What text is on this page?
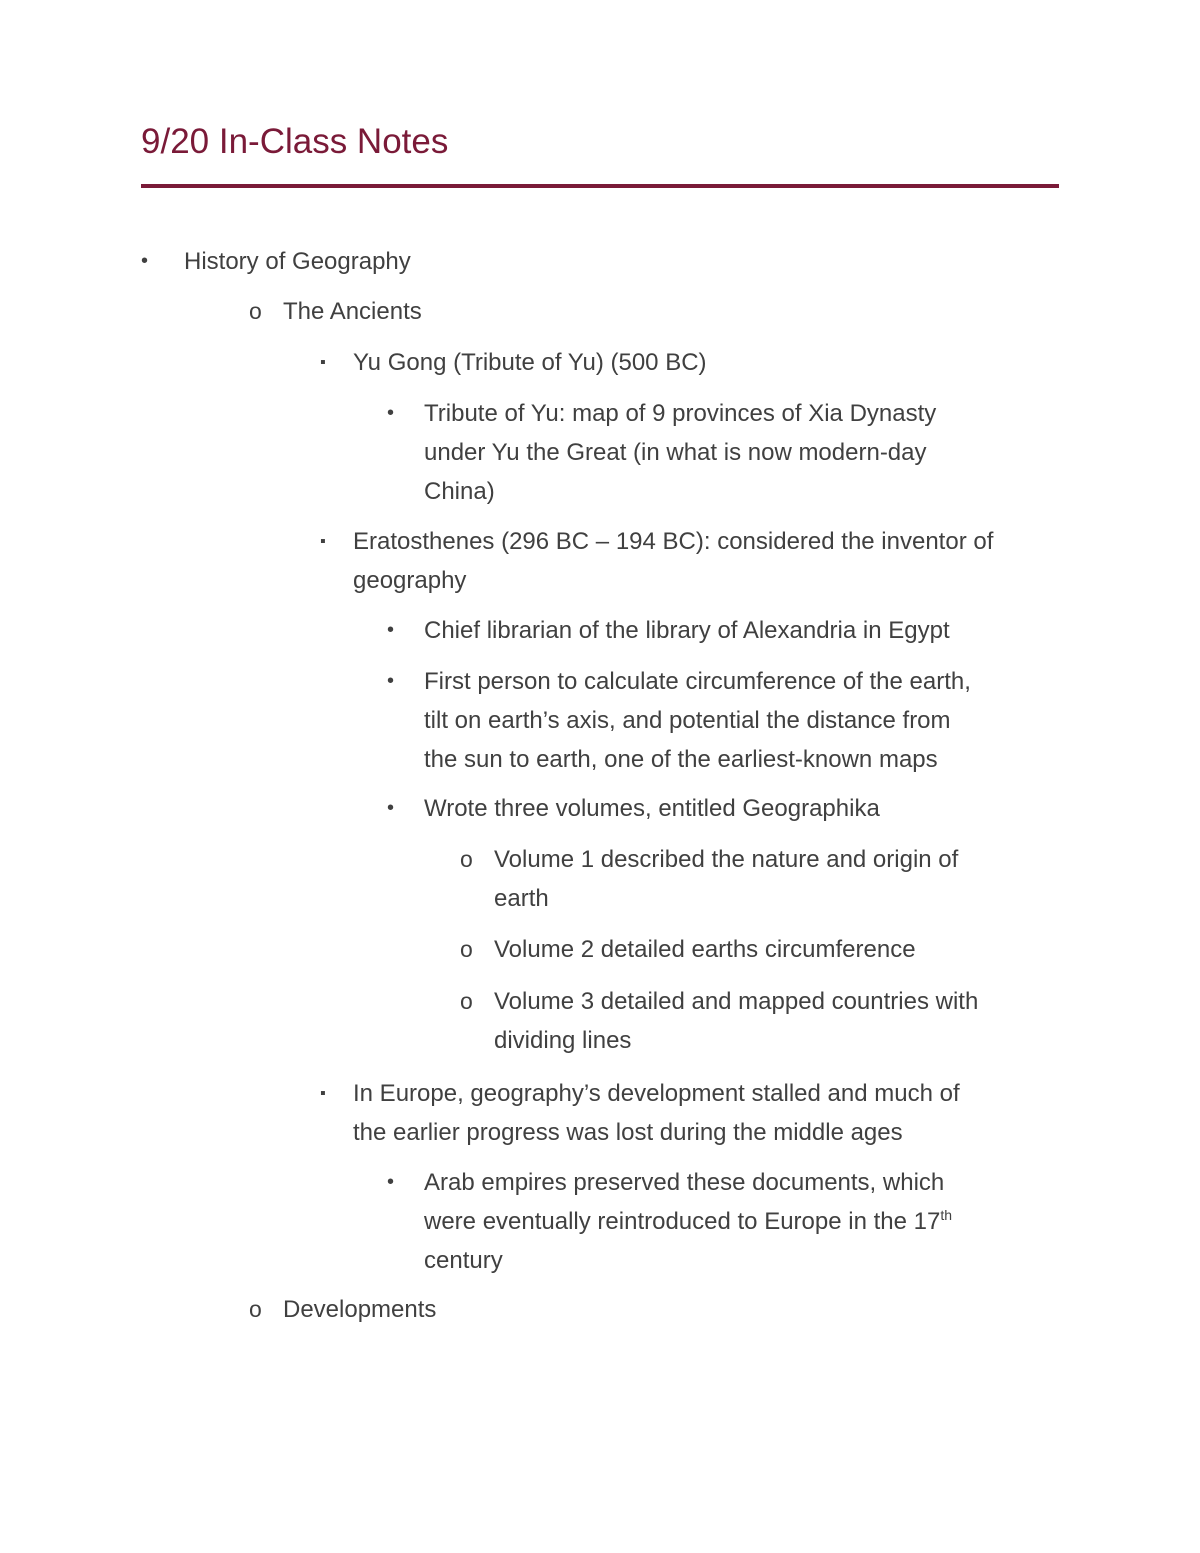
9/20 In-Class Notes
• History of Geography
o The Ancients
▪ Yu Gong (Tribute of Yu) (500 BC)
• Tribute of Yu: map of 9 provinces of Xia Dynasty
under Yu the Great (in what is now modern-day
China)
▪ Eratosthenes (296 BC – 194 BC): considered the inventor of
geography
• Chief librarian of the library of Alexandria in Egypt
• First person to calculate circumference of the earth,
tilt on earth’s axis, and potential the distance from
the sun to earth, one of the earliest-known maps
• Wrote three volumes, entitled Geographika
o Volume 1 described the nature and origin of
earth
o Volume 2 detailed earths circumference
o Volume 3 detailed and mapped countries with
dividing lines
▪ In Europe, geography’s development stalled and much of
the earlier progress was lost during the middle ages
• Arab empires preserved these documents, which
were eventually reintroduced to Europe in the 17th
century
o Developments
